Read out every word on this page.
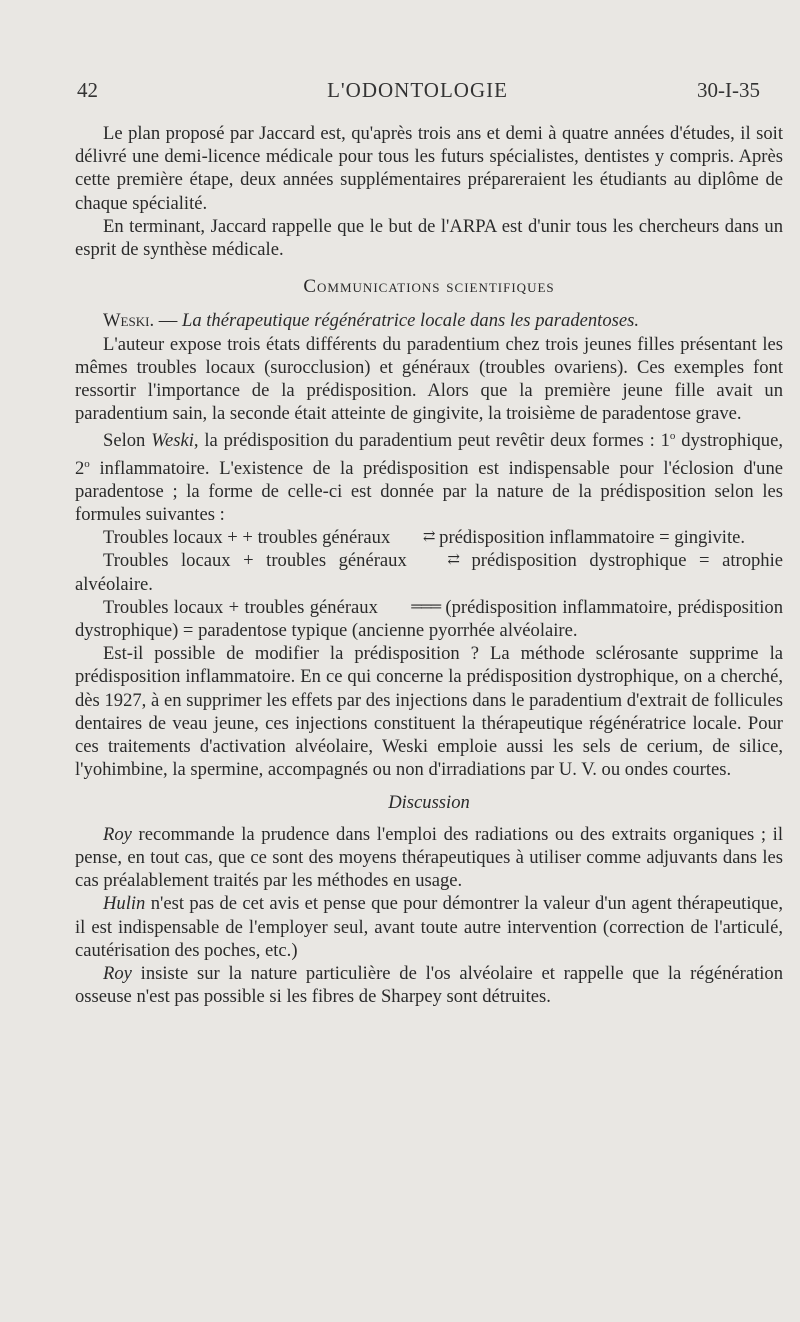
42	L'ODONTOLOGIE	30-I-35

Le plan proposé par Jaccard est, qu'après trois ans et demi à quatre années d'études, il soit délivré une demi-licence médicale pour tous les futurs spécialistes, dentistes y compris. Après cette première étape, deux années supplémentaires prépareraient les étudiants au diplôme de chaque spécialité.

En terminant, Jaccard rappelle que le but de l'ARPA est d'unir tous les chercheurs dans un esprit de synthèse médicale.

Communications scientifiques

Weski. — La thérapeutique régénératrice locale dans les paradentoses.

L'auteur expose trois états différents du paradentium chez trois jeunes filles présentant les mêmes troubles locaux (surocclusion) et généraux (troubles ovariens). Ces exemples font ressortir l'importance de la prédisposition. Alors que la première jeune fille avait un paradentium sain, la seconde était atteinte de gingivite, la troisième de paradentose grave.

Selon Weski, la prédisposition du paradentium peut revêtir deux formes : 1$^o$ dystrophique, 2$^o$ inflammatoire. L'existence de la prédisposition est indispensable pour l'éclosion d'une paradentose ; la forme de celle-ci est donnée par la nature de la prédisposition selon les formules suivantes :

Troubles locaux + + troubles généraux ⇄ prédisposition inflammatoire = gingivite.

Troubles locaux + troubles généraux ⇄ prédisposition dystrophique = atrophie alvéolaire.

Troubles locaux + troubles généraux ═══ (prédisposition inflammatoire, prédisposition dystrophique) = paradentose typique (ancienne pyorrhée alvéolaire.

Est-il possible de modifier la prédisposition ? La méthode sclérosante supprime la prédisposition inflammatoire. En ce qui concerne la prédisposition dystrophique, on a cherché, dès 1927, à en supprimer les effets par des injections dans le paradentium d'extrait de follicules dentaires de veau jeune, ces injections constituent la thérapeutique régénératrice locale. Pour ces traitements d'activation alvéolaire, Weski emploie aussi les sels de cerium, de silice, l'yohimbine, la spermine, accompagnés ou non d'irradiations par U. V. ou ondes courtes.

Discussion

Roy recommande la prudence dans l'emploi des radiations ou des extraits organiques ; il pense, en tout cas, que ce sont des moyens thérapeutiques à utiliser comme adjuvants dans les cas préalablement traités par les méthodes en usage.

Hulin n'est pas de cet avis et pense que pour démontrer la valeur d'un agent thérapeutique, il est indispensable de l'employer seul, avant toute autre intervention (correction de l'articulé, cautérisation des poches, etc.)

Roy insiste sur la nature particulière de l'os alvéolaire et rappelle que la régénération osseuse n'est pas possible si les fibres de Sharpey sont détruites.
